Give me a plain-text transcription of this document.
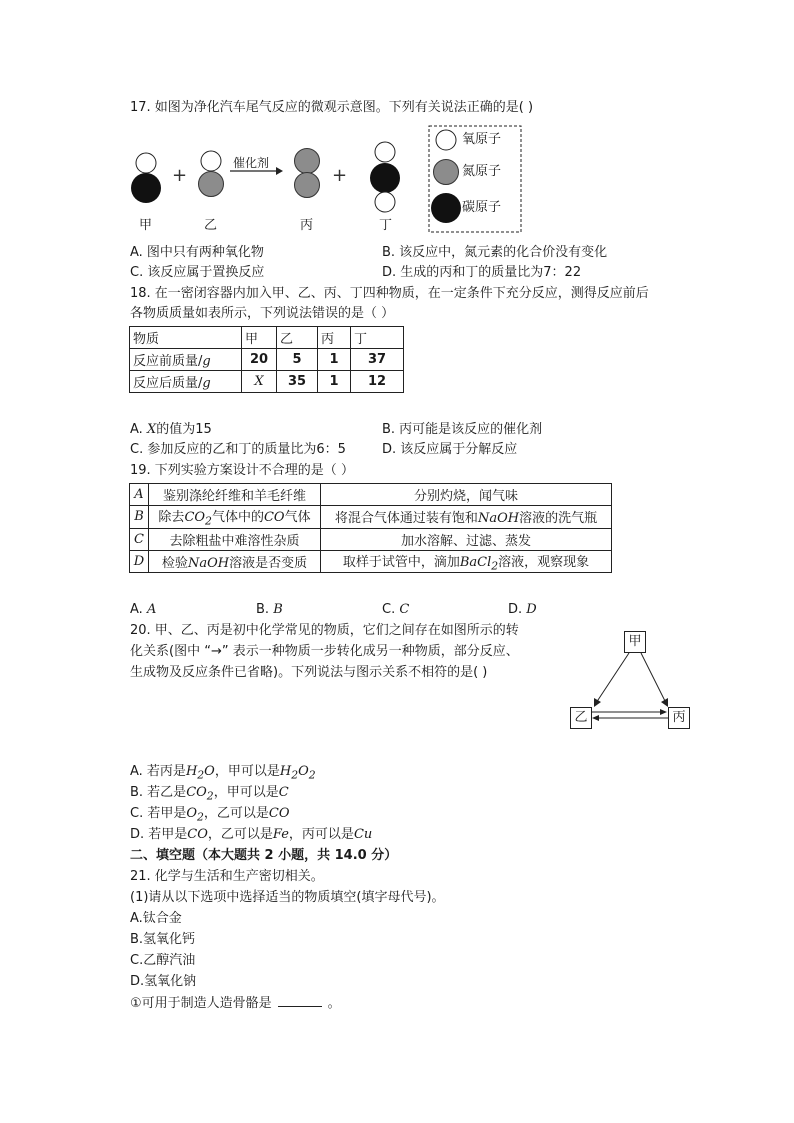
17. 如图为净化汽车尾气反应的微观示意图。下列有关说法正确的是( )
+	+
催化剂
甲	乙	丙	丁
氧原子
氮原子
碳原子
A. 图中只有两种氧化物	B. 该反应中，氮元素的化合价没有变化
C. 该反应属于置换反应	D. 生成的丙和丁的质量比为7：22
18. 在一密闭容器内加入甲、乙、丙、丁四种物质，在一定条件下充分反应，测得反应前后
各物质质量如表所示，下列说法错误的是（ ）
物质	甲	乙	丙	丁
反应前质量/g	20	5	1	37
反应后质量/g	X	35	1	12
A. X的值为15	B. 丙可能是该反应的催化剂
C. 参加反应的乙和丁的质量比为6：5	D. 该反应属于分解反应
19. 下列实验方案设计不合理的是（ ）
A	鉴别涤纶纤维和羊毛纤维	分别灼烧，闻气味
B	除去$CO_2$气体中的CO气体	将混合气体通过装有饱和NaOH溶液的洗气瓶
C	去除粗盐中难溶性杂质	加水溶解、过滤、蒸发
D	检验NaOH溶液是否变质	取样于试管中，滴加BaCl$_2$溶液，观察现象
A. A	B. B	C. C	D. D
20. 甲、乙、丙是初中化学常见的物质，它们之间存在如图所示的转
化关系(图中 “→” 表示一种物质一步转化成另一种物质，部分反应、
生成物及反应条件已省略)。下列说法与图示关系不相符的是( )
甲
乙	丙
A. 若丙是$H_2O$，甲可以是$H_2O_2$
B. 若乙是$CO_2$，甲可以是C
C. 若甲是$O_2$，乙可以是CO
D. 若甲是CO，乙可以是Fe，丙可以是Cu
二、填空题（本大题共 2 小题，共 14.0 分）
21. 化学与生活和生产密切相关。
(1)请从以下选项中选择适当的物质填空(填字母代号)。
A.钛合金
B.氢氧化钙
C.乙醇汽油
D.氢氧化钠
①可用于制造人造骨骼是	。
